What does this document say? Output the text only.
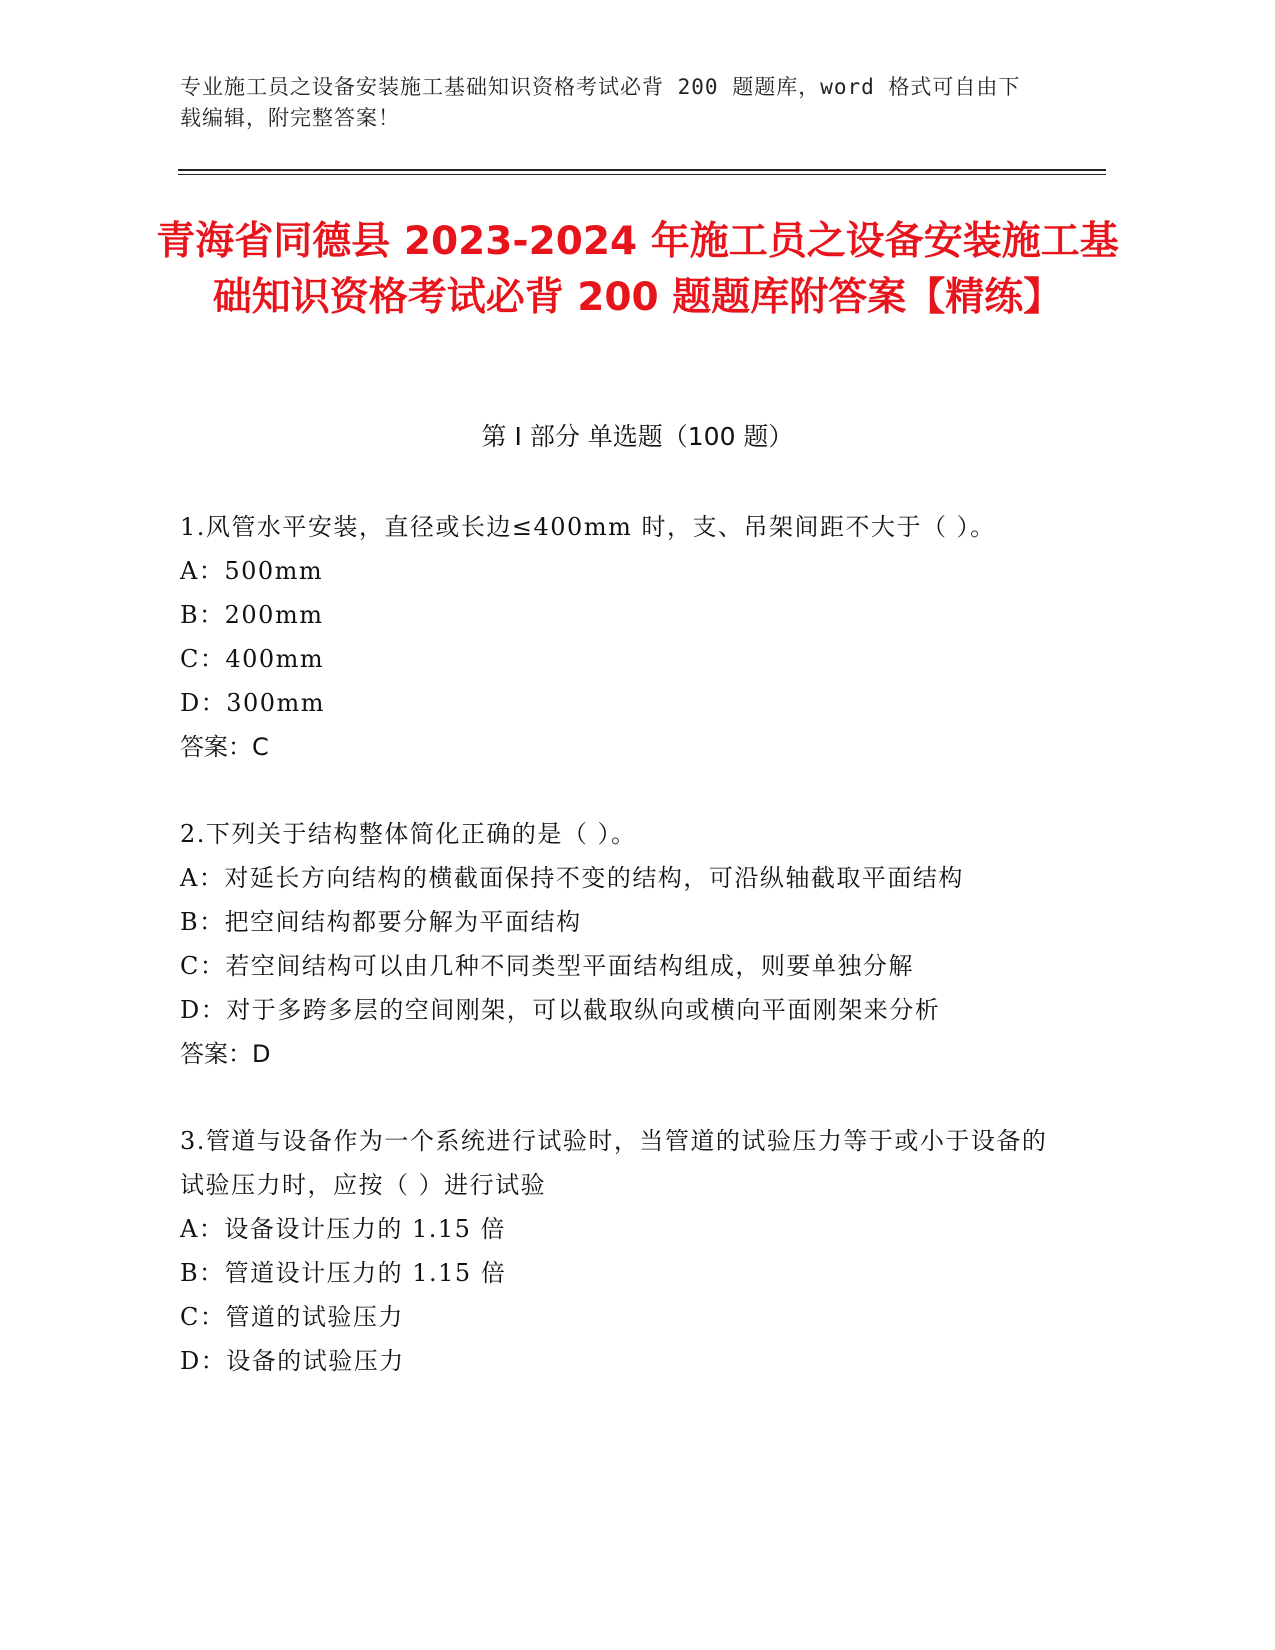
专业施工员之设备安装施工基础知识资格考试必背 200 题题库，word 格式可自由下载编辑，附完整答案！
青海省同德县 2023-2024 年施工员之设备安装施工基础知识资格考试必背 200 题题库附答案【精练】
第 I 部分 单选题（100 题）
1.风管水平安装，直径或长边≤400mm 时，支、吊架间距不大于（ ）。
A：500mm
B：200mm
C：400mm
D：300mm
答案：C
2.下列关于结构整体简化正确的是（ ）。
A：对延长方向结构的横截面保持不变的结构，可沿纵轴截取平面结构
B：把空间结构都要分解为平面结构
C：若空间结构可以由几种不同类型平面结构组成，则要单独分解
D：对于多跨多层的空间刚架，可以截取纵向或横向平面刚架来分析
答案：D
3.管道与设备作为一个系统进行试验时，当管道的试验压力等于或小于设备的试验压力时，应按（ ）进行试验
A：设备设计压力的 1.15 倍
B：管道设计压力的 1.15 倍
C：管道的试验压力
D：设备的试验压力
